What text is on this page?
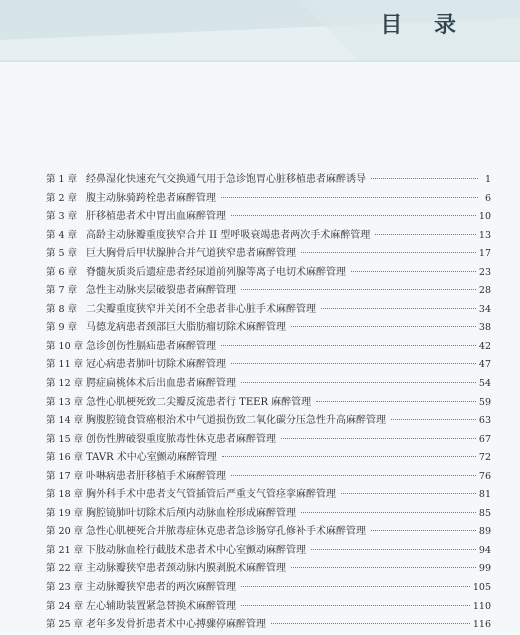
目 录
第 1 章 经鼻湿化快速充气交换通气用于急诊饱胃心脏移植患者麻醉诱导	1
第 2 章 腹主动脉骑跨栓患者麻醉管理	6
第 3 章 肝移植患者术中胃出血麻醉管理	10
第 4 章 高龄主动脉瓣重度狭窄合并 II 型呼吸衰竭患者两次手术麻醉管理	13
第 5 章 巨大胸骨后甲状腺肿合并气道狭窄患者麻醉管理	17
第 6 章 脊髓灰质炎后遗症患者经尿道前列腺等离子电切术麻醉管理	23
第 7 章 急性主动脉夹层破裂患者麻醉管理	28
第 8 章 二尖瓣重度狭窄并关闭不全患者非心脏手术麻醉管理	34
第 9 章 马德龙病患者颈部巨大脂肪瘤切除术麻醉管理	38
第 10 章 急诊创伤性膈疝患者麻醉管理	42
第 11 章 冠心病患者肺叶切除术麻醉管理	47
第 12 章 腭症扁桃体术后出血患者麻醉管理	54
第 13 章 急性心肌梗死致二尖瓣反流患者行 TEER 麻醉管理	59
第 14 章 胸腹腔镜食管癌根治术中气道损伤致二氧化碳分压急性升高麻醉管理	63
第 15 章 创伤性脾破裂重度脓毒性休克患者麻醉管理	67
第 16 章 TAVR 术中心室颤动麻醉管理	72
第 17 章 卟啉病患者肝移植手术麻醉管理	76
第 18 章 胸外科手术中患者支气管插管后严重支气管痉挛麻醉管理	81
第 19 章 胸腔镜肺叶切除术后颅内动脉血栓形成麻醉管理	85
第 20 章 急性心肌梗死合并脓毒症休克患者急诊肠穿孔修补手术麻醉管理	89
第 21 章 下肢动脉血栓行截肢术患者术中心室颤动麻醉管理	94
第 22 章 主动脉瓣狭窄患者颈动脉内膜剥脱术麻醉管理	99
第 23 章 主动脉瓣狭窄患者的两次麻醉管理	105
第 24 章 左心辅助装置紧急替换术麻醉管理	110
第 25 章 老年多发骨折患者术中心搏骤停麻醉管理	116
